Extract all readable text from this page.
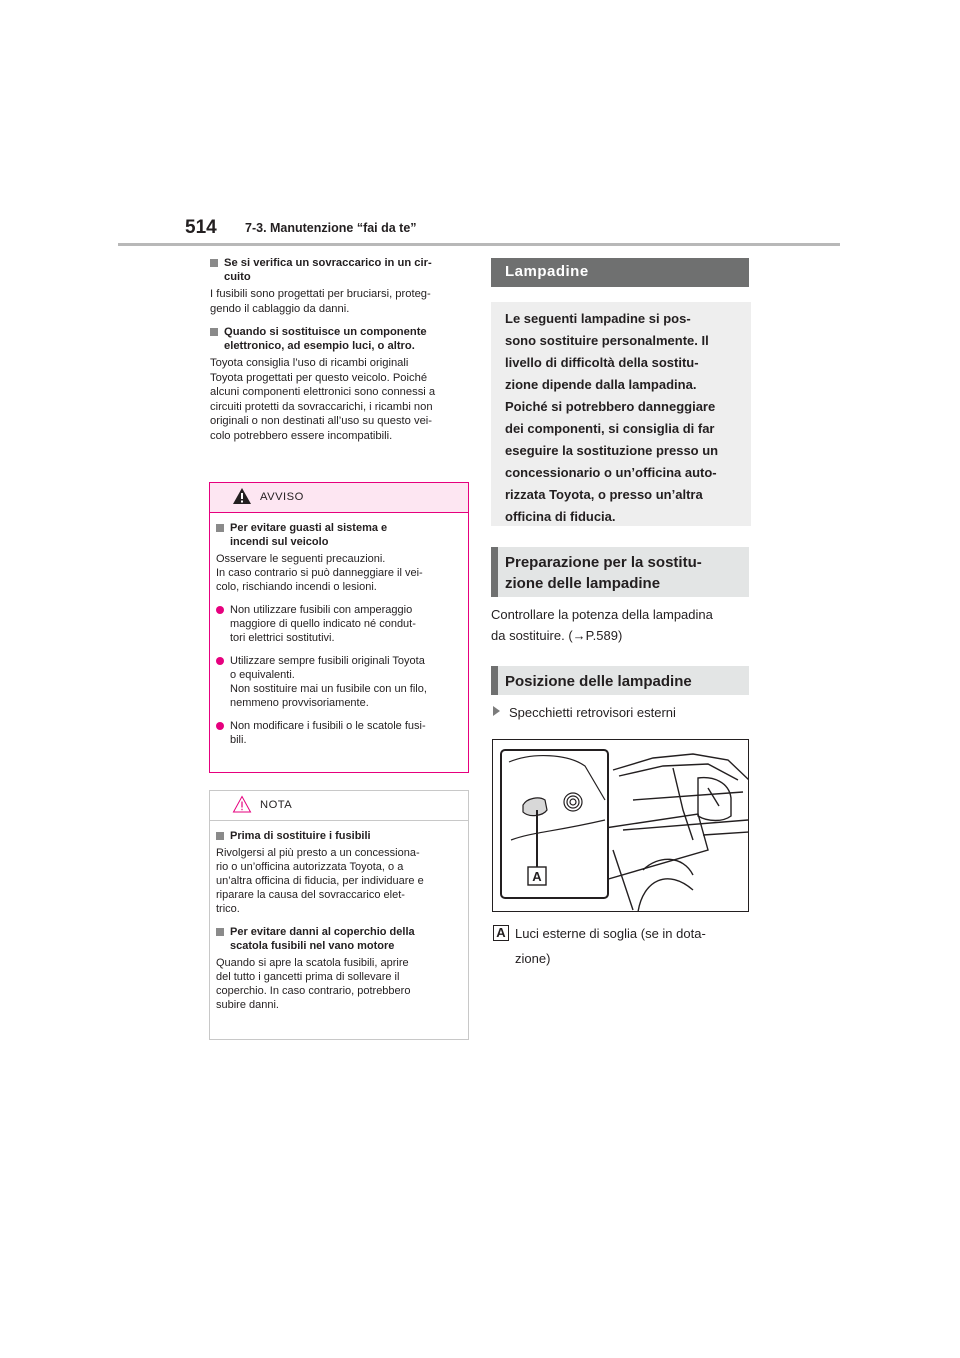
514 7-3. Manutenzione “fai da te”
Se si verifica un sovraccarico in un cir-
cuito
I fusibili sono progettati per bruciarsi, proteg-
gendo il cablaggio da danni.
Quando si sostituisce un componente
elettronico, ad esempio luci, o altro.
Toyota consiglia l’uso di ricambi originali
Toyota progettati per questo veicolo. Poiché
alcuni componenti elettronici sono connessi a
circuiti protetti da sovraccarichi, i ricambi non
originali o non destinati all’uso su questo vei-
colo potrebbero essere incompatibili.
AVVISO
Per evitare guasti al sistema e
incendi sul veicolo
Osservare le seguenti precauzioni.
In caso contrario si può danneggiare il vei-
colo, rischiando incendi o lesioni.
Non utilizzare fusibili con amperaggio
maggiore di quello indicato né condut-
tori elettrici sostitutivi.
Utilizzare sempre fusibili originali Toyota
o equivalenti.
Non sostituire mai un fusibile con un filo,
nemmeno provvisoriamente.
Non modificare i fusibili o le scatole fusi-
bili.
NOTA
Prima di sostituire i fusibili
Rivolgersi al più presto a un concessiona-
rio o un’officina autorizzata Toyota, o a
un’altra officina di fiducia, per individuare e
riparare la causa del sovraccarico elet-
trico.
Per evitare danni al coperchio della
scatola fusibili nel vano motore
Quando si apre la scatola fusibili, aprire
del tutto i gancetti prima di sollevare il
coperchio. In caso contrario, potrebbero
subire danni.
Lampadine
Le seguenti lampadine si pos-
sono sostituire personalmente. Il
livello di difficoltà della sostitu-
zione dipende dalla lampadina.
Poiché si potrebbero danneggiare
dei componenti, si consiglia di far
eseguire la sostituzione presso un
concessionario o un’officina auto-
rizzata Toyota, o presso un’altra
officina di fiducia.
Preparazione per la sostitu-
zione delle lampadine
Controllare la potenza della lampadina
da sostituire. (→P.589)
Posizione delle lampadine
Specchietti retrovisori esterni
A
A Luci esterne di soglia (se in dota-
zione)
